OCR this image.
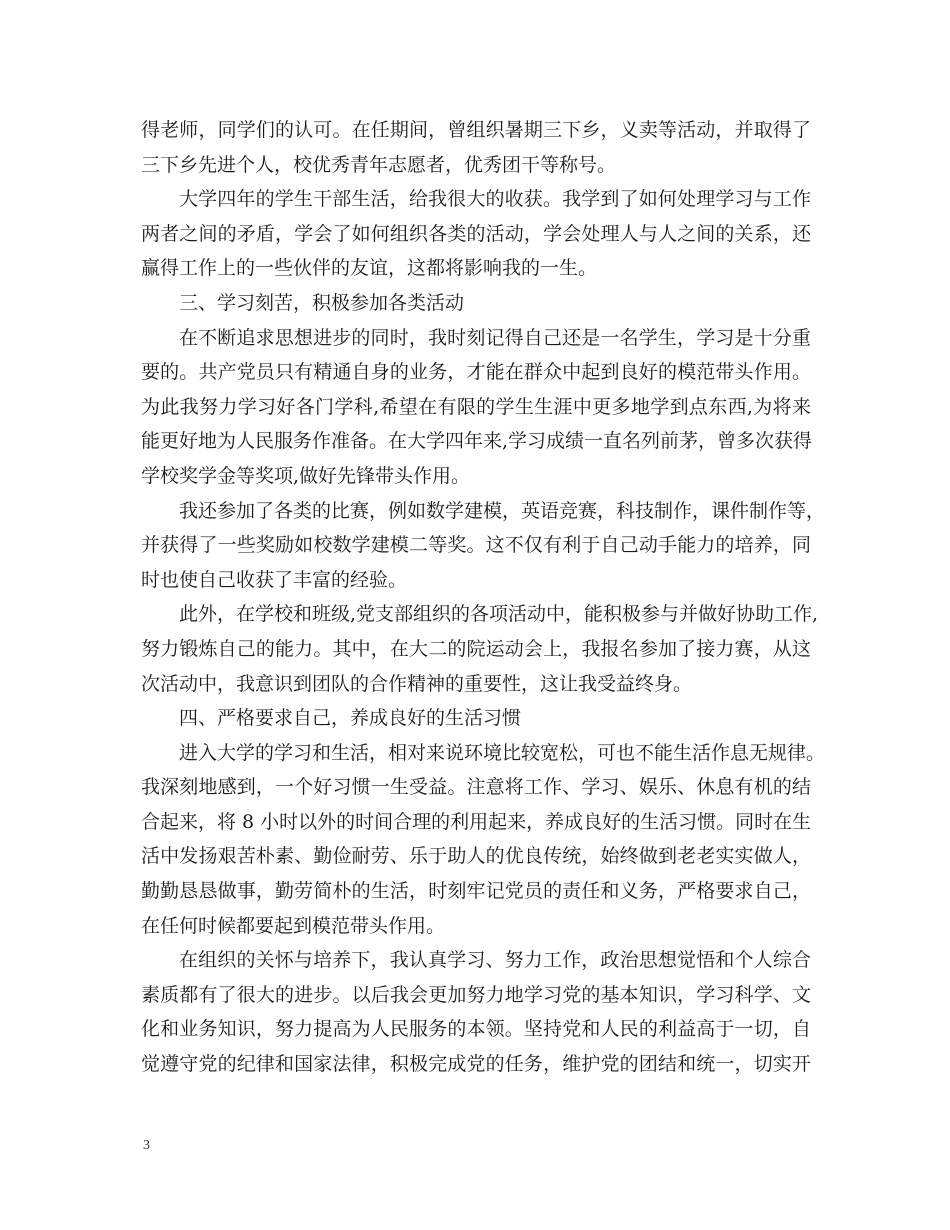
得老师，同学们的认可。在任期间，曾组织暑期三下乡，义卖等活动，并取得了
三下乡先进个人，校优秀青年志愿者，优秀团干等称号。
大学四年的学生干部生活，给我很大的收获。我学到了如何处理学习与工作
两者之间的矛盾，学会了如何组织各类的活动，学会处理人与人之间的关系，还
赢得工作上的一些伙伴的友谊，这都将影响我的一生。
三、学习刻苦，积极参加各类活动
在不断追求思想进步的同时，我时刻记得自己还是一名学生，学习是十分重
要的。共产党员只有精通自身的业务，才能在群众中起到良好的模范带头作用。
为此我努力学习好各门学科,希望在有限的学生生涯中更多地学到点东西,为将来
能更好地为人民服务作准备。在大学四年来,学习成绩一直名列前茅，曾多次获得
学校奖学金等奖项,做好先锋带头作用。
我还参加了各类的比赛，例如数学建模，英语竞赛，科技制作，课件制作等，
并获得了一些奖励如校数学建模二等奖。这不仅有利于自己动手能力的培养，同
时也使自己收获了丰富的经验。
此外，在学校和班级,党支部组织的各项活动中，能积极参与并做好协助工作,
努力锻炼自己的能力。其中，在大二的院运动会上，我报名参加了接力赛，从这
次活动中，我意识到团队的合作精神的重要性，这让我受益终身。
四、严格要求自己，养成良好的生活习惯
进入大学的学习和生活，相对来说环境比较宽松，可也不能生活作息无规律。
我深刻地感到，一个好习惯一生受益。注意将工作、学习、娱乐、休息有机的结
合起来，将 8 小时以外的时间合理的利用起来，养成良好的生活习惯。同时在生
活中发扬艰苦朴素、勤俭耐劳、乐于助人的优良传统，始终做到老老实实做人，
勤勤恳恳做事，勤劳简朴的生活，时刻牢记党员的责任和义务，严格要求自己，
在任何时候都要起到模范带头作用。
在组织的关怀与培养下，我认真学习、努力工作，政治思想觉悟和个人综合
素质都有了很大的进步。以后我会更加努力地学习党的基本知识，学习科学、文
化和业务知识，努力提高为人民服务的本领。坚持党和人民的利益高于一切，自
觉遵守党的纪律和国家法律，积极完成党的任务，维护党的团结和统一，切实开
3
